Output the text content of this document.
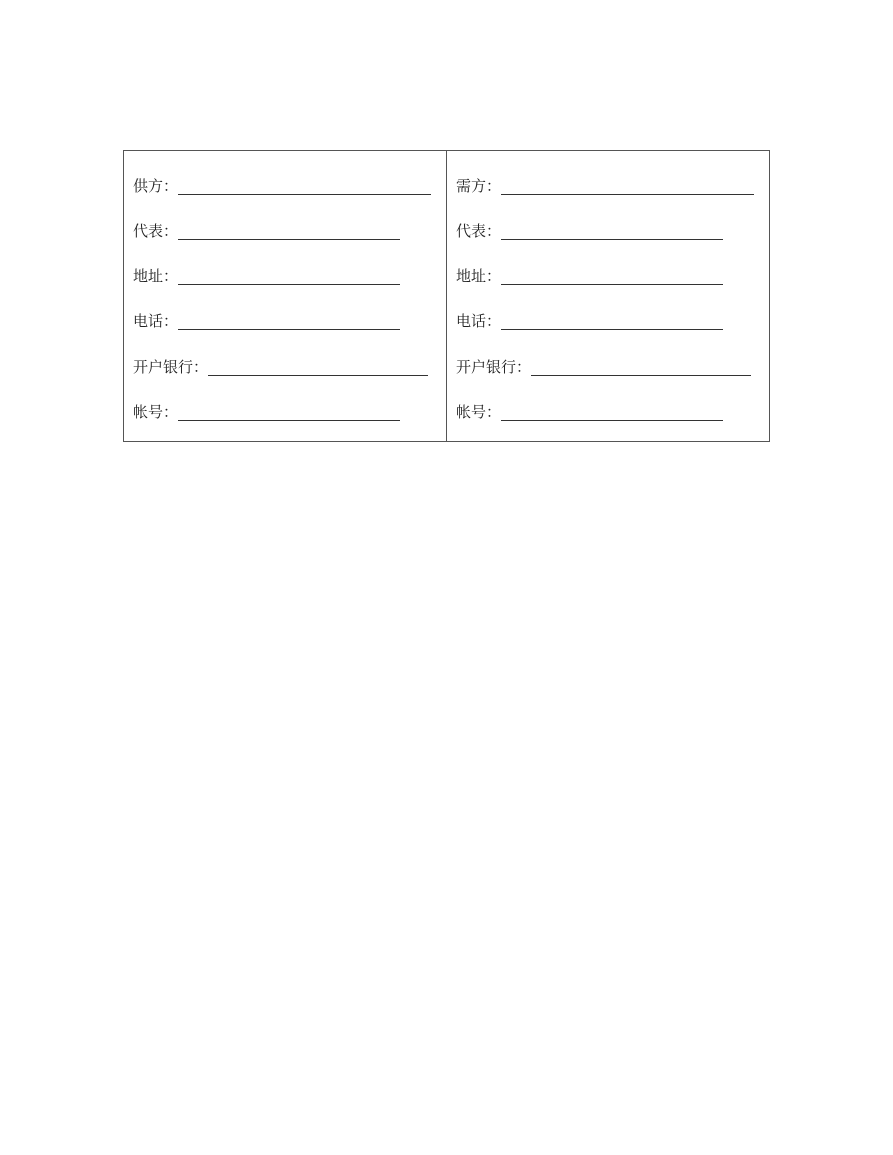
供方：
代表：
地址：
电话：
开户银行：
帐号：
需方：
代表：
地址：
电话：
开户银行：
帐号：
